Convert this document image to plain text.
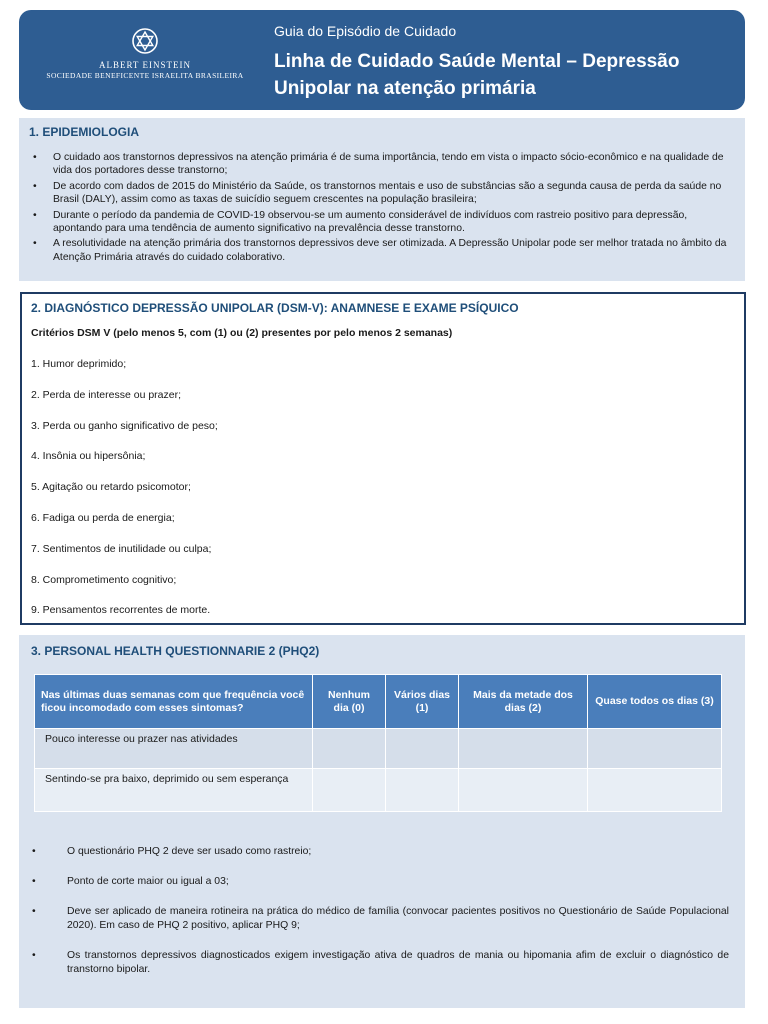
ALBERT EINSTEIN
SOCIEDADE BENEFICENTE ISRAELITA BRASILEIRA
Guia do Episódio de Cuidado
Linha de Cuidado Saúde Mental – Depressão Unipolar na atenção primária
1. EPIDEMIOLOGIA
• O cuidado aos transtornos depressivos na atenção primária é de suma importância, tendo em vista o impacto sócio-econômico e na qualidade de vida dos portadores desse transtorno;
• De acordo com dados de 2015 do Ministério da Saúde, os transtornos mentais e uso de substâncias são a segunda causa de perda da saúde no Brasil (DALY), assim como as taxas de suicídio seguem crescentes na população brasileira;
• Durante o período da pandemia de COVID-19 observou-se um aumento considerável de indivíduos com rastreio positivo para depressão, apontando para uma tendência de aumento significativo na prevalência desse transtorno.
• A resolutividade na atenção primária dos transtornos depressivos deve ser otimizada. A Depressão Unipolar pode ser melhor tratada no âmbito da Atenção Primária através do cuidado colaborativo.
2. DIAGNÓSTICO DEPRESSÃO UNIPOLAR (DSM-V): ANAMNESE E EXAME PSÍQUICO
Critérios DSM V (pelo menos 5, com (1) ou (2) presentes por pelo menos 2 semanas)
1. Humor deprimido;
2. Perda de interesse ou prazer;
3. Perda ou ganho significativo de peso;
4. Insônia ou hipersônia;
5. Agitação ou retardo psicomotor;
6. Fadiga ou perda de energia;
7. Sentimentos de inutilidade ou culpa;
8. Comprometimento cognitivo;
9. Pensamentos recorrentes de morte.
3. PERSONAL HEALTH QUESTIONNARIE 2 (PHQ2)
Nas últimas duas semanas com que frequência você ficou incomodado com esses sintomas?	Nenhum dia (0)	Vários dias (1)	Mais da metade dos dias (2)	Quase todos os dias (3)
Pouco interesse ou prazer nas atividades				
Sentindo-se pra baixo, deprimido ou sem esperança				
• O questionário PHQ 2 deve ser usado como rastreio;
• Ponto de corte maior ou igual a 03;
• Deve ser aplicado de maneira rotineira na prática do médico de família (convocar pacientes positivos no Questionário de Saúde Populacional 2020). Em caso de PHQ 2 positivo, aplicar PHQ 9;
• Os transtornos depressivos diagnosticados exigem investigação ativa de quadros de mania ou hipomania afim de excluir o diagnóstico de transtorno bipolar.
